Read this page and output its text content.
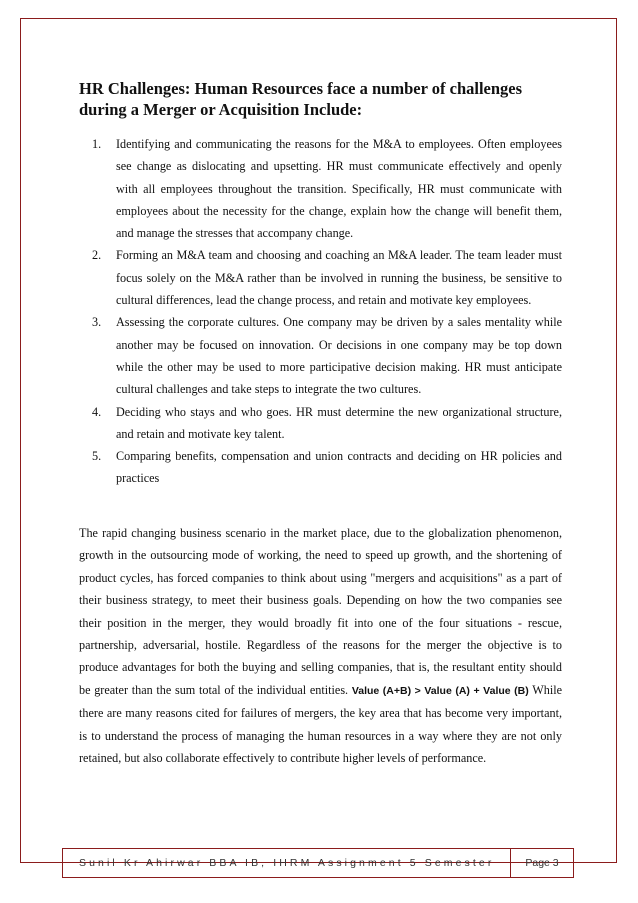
HR Challenges: Human Resources face a number of challenges during a Merger or Acquisition Include:
1.	Identifying and communicating the reasons for the M&A to employees. Often employees see change as dislocating and upsetting. HR must communicate effectively and openly with all employees throughout the transition. Specifically, HR must communicate with employees about the necessity for the change, explain how the change will benefit them, and manage the stresses that accompany change.
2.	Forming an M&A team and choosing and coaching an M&A leader. The team leader must focus solely on the M&A rather than be involved in running the business, be sensitive to cultural differences, lead the change process, and retain and motivate key employees.
3.	Assessing the corporate cultures. One company may be driven by a sales mentality while another may be focused on innovation. Or decisions in one company may be top down while the other may be used to more participative decision making. HR must anticipate cultural challenges and take steps to integrate the two cultures.
4.	Deciding who stays and who goes. HR must determine the new organizational structure, and retain and motivate key talent.
5.	Comparing benefits, compensation and union contracts and deciding on HR policies and practices

The rapid changing business scenario in the market place, due to the globalization phenomenon, growth in the outsourcing mode of working, the need to speed up growth, and the shortening of product cycles, has forced companies to think about using "mergers and acquisitions" as a part of their business strategy, to meet their business goals. Depending on how the two companies see their position in the merger, they would broadly fit into one of the four situations - rescue, partnership, adversarial, hostile. Regardless of the reasons for the merger the objective is to produce advantages for both the buying and selling companies, that is, the resultant entity should be greater than the sum total of the individual entities. Value (A+B) > Value (A) + Value (B) While there are many reasons cited for failures of mergers, the key area that has become very important, is to understand the process of managing the human resources in a way where they are not only retained, but also collaborate effectively to contribute higher levels of performance.

Sunil Kr Ahirwar BBA IB, IHRM Assignment 5 Semester	Page 3
